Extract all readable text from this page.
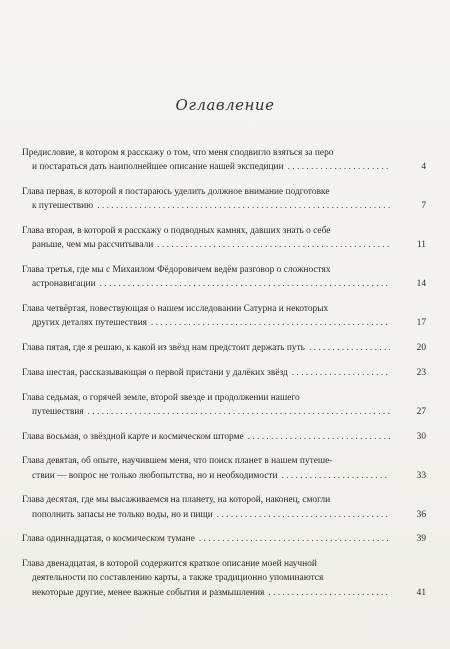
Оглавление
Предисловие, в котором я расскажу о том, что меня сподвигло взяться за перо
и постараться дать наиполнейшее описание нашей экспедиции . . .	4
Глава первая, в которой я постараюсь уделить должное внимание подготовке
к путешествию . . .	7
Глава вторая, в которой я расскажу о подводных камнях, давших знать о себе
раньше, чем мы рассчитывали . . .	11
Глава третья, где мы с Михаилом Фёдоровичем ведём разговор о сложностях
астронавигации . . .	14
Глава четвёртая, повествующая о нашем исследовании Сатурна и некоторых
других деталях путешествия . . .	17
Глава пятая, где я решаю, к какой из звёзд нам предстоит держать путь . . .	20
Глава шестая, рассказывающая о первой пристани у далёких звёзд . . .	23
Глава седьмая, о горячей земле, второй звезде и продолжении нашего
путешествия . . .	27
Глава восьмая, о звёздной карте и космическом шторме . . .	30
Глава девятая, об опыте, научившем меня, что поиск планет в нашем путеше-
ствии — вопрос не только любопытства, но и необходимости . . .	33
Глава десятая, где мы высаживаемся на планету, на которой, наконец, смогли
пополнить запасы не только воды, но и пищи . . .	36
Глава одиннадцатая, о космическом тумане . . .	39
Глава двенадцатая, в которой содержится краткое описание моей научной
деятельности по составлению карты, а также традиционно упоминаются
некоторые другие, менее важные события и размышления . . .	41
